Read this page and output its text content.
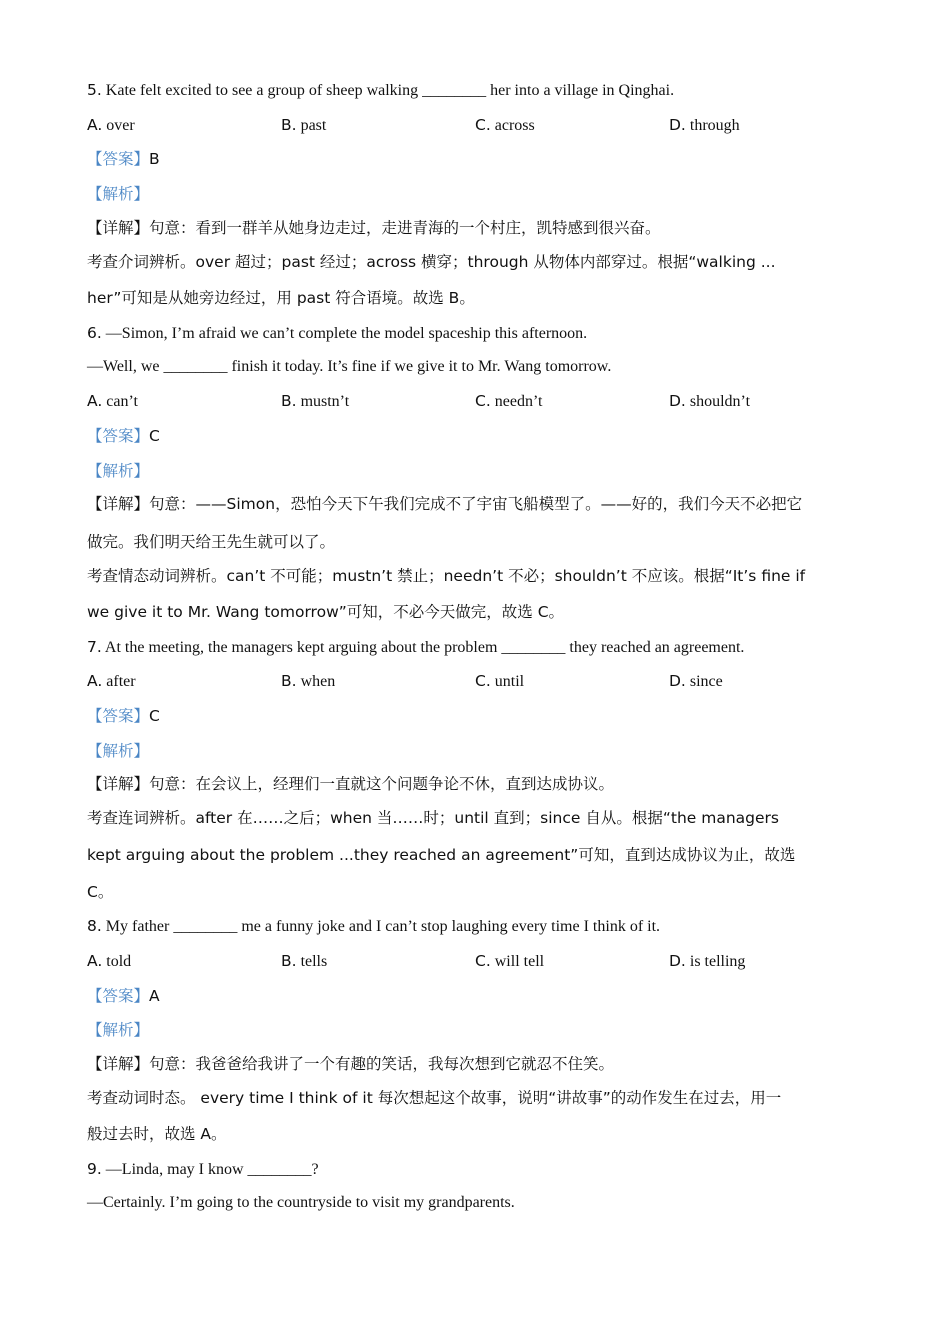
5. Kate felt excited to see a group of sheep walking ________ her into a village in Qinghai.
A. over	B. past	C. across	D. through
【答案】B
【解析】
【详解】句意：看到一群羊从她身边走过，走进青海的一个村庄，凯特感到很兴奋。
考查介词辨析。over 超过；past 经过；across 横穿；through 从物体内部穿过。根据“walking ...
her”可知是从她旁边经过，用 past 符合语境。故选 B。
6. —Simon, I’m afraid we can’t complete the model spaceship this afternoon.
—Well, we ________ finish it today. It’s fine if we give it to Mr. Wang tomorrow.
A. can’t	B. mustn’t	C. needn’t	D. shouldn’t
【答案】C
【解析】
【详解】句意：——Simon，恐怕今天下午我们完成不了宇宙飞船模型了。——好的，我们今天不必把它
做完。我们明天给王先生就可以了。
考查情态动词辨析。can’t 不可能；mustn’t 禁止；needn’t 不必；shouldn’t 不应该。根据“It’s fine if
we give it to Mr. Wang tomorrow”可知，不必今天做完，故选 C。
7. At the meeting, the managers kept arguing about the problem ________ they reached an agreement.
A. after	B. when	C. until	D. since
【答案】C
【解析】
【详解】句意：在会议上，经理们一直就这个问题争论不休，直到达成协议。
考查连词辨析。after 在……之后；when 当……时；until 直到；since 自从。根据“the managers
kept arguing about the problem ...they reached an agreement”可知，直到达成协议为止，故选
C。
8. My father ________ me a funny joke and I can’t stop laughing every time I think of it.
A. told	B. tells	C. will tell	D. is telling
【答案】A
【解析】
【详解】句意：我爸爸给我讲了一个有趣的笑话，我每次想到它就忍不住笑。
考查动词时态。 every time I think of it 每次想起这个故事，说明“讲故事”的动作发生在过去，用一
般过去时，故选 A。
9. —Linda, may I know ________?
—Certainly. I’m going to the countryside to visit my grandparents.
